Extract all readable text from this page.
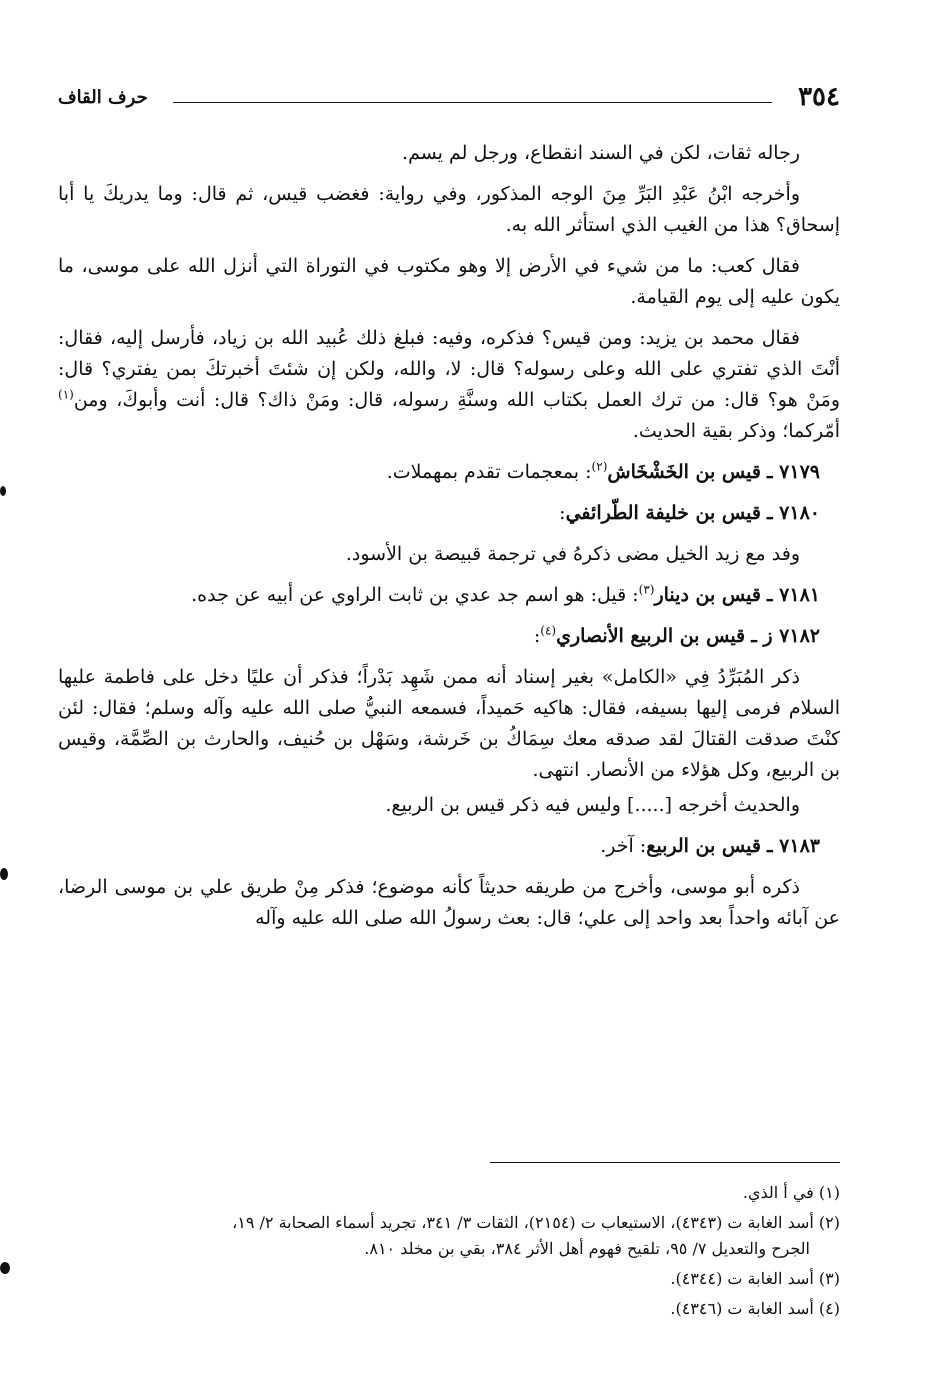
٣٥٤
حرف القاف

رجاله ثقات، لكن في السند انقطاع، ورجل لم يسم.

وأخرجه ابْنُ عَبْدِ البَرِّ مِنَ الوجه المذكور، وفي رواية: فغضب قيس، ثم قال: وما يدريكَ يا أبا إسحاق؟ هذا من الغيب الذي استأثر الله به.

فقال كعب: ما من شيء في الأرض إلا وهو مكتوب في التوراة التي أنزل الله على موسى، ما يكون عليه إلى يوم القيامة.

فقال محمد بن يزيد: ومن قيس؟ فذكره، وفيه: فبلغ ذلك عُبيد الله بن زياد، فأرسل إليه، فقال: أنْتَ الذي تفتري على الله وعلى رسوله؟ قال: لا، والله، ولكن إن شئتَ أخبرتكَ بمن يفتري؟ قال: ومَنْ هو؟ قال: من ترك العمل بكتاب الله وسنَّةِ رسوله، قال: ومَنْ ذاك؟ قال: أنت وأبوكَ، ومن$^{(١)}$ أمّركما؛ وذكر بقية الحديث.

٧١٧٩ ـ قيس بن الخَشْخَاش$^{(٢)}$: بمعجمات تقدم بمهملات.

٧١٨٠ ـ قيس بن خليفة الطّرائفي:

وفد مع زيد الخيل مضى ذكرهُ في ترجمة قبيصة بن الأسود.

٧١٨١ ـ قيس بن دينار$^{(٣)}$: قيل: هو اسم جد عدي بن ثابت الراوي عن أبيه عن جده.

٧١٨٢ ز ـ قيس بن الربيع الأنصاري$^{(٤)}$:

ذكر المُبَرِّدُ فِي «الكامل» بغير إسناد أنه ممن شَهِد بَدْراً؛ فذكر أن عليًا دخل على فاطمة عليها السلام فرمى إليها بسيفه، فقال: هاكيه حَميداً، فسمعه النبيُّ صلى الله عليه وآله وسلم؛ فقال: لئن كنْتَ صدقت القتالَ لقد صدقه معك سِمَاكُ بن خَرشة، وسَهْل بن حُنيف، والحارث بن الصِّمَّة، وقيس بن الربيع، وكل هؤلاء من الأنصار. انتهى.

والحديث أخرجه [.....] وليس فيه ذكر قيس بن الربيع.

٧١٨٣ ـ قيس بن الربيع: آخر.

ذكره أبو موسى، وأخرج من طريقه حديثاً كأنه موضوع؛ فذكر مِنْ طريق علي بن موسى الرضا، عن آبائه واحداً بعد واحد إلى علي؛ قال: بعث رسولُ الله صلى الله عليه وآله

(١) في أ الذي.

(٢) أسد الغابة ت (٤٣٤٣)، الاستيعاب ت (٢١٥٤)، الثقات ٣/ ٣٤١، تجريد أسماء الصحابة ٢/ ١٩،
الجرح والتعديل ٧/ ٩٥، تلقيح فهوم أهل الأثر ٣٨٤، بقي بن مخلد ٨١٠.

(٣) أسد الغابة ت (٤٣٤٤).

(٤) أسد الغابة ت (٤٣٤٦).
